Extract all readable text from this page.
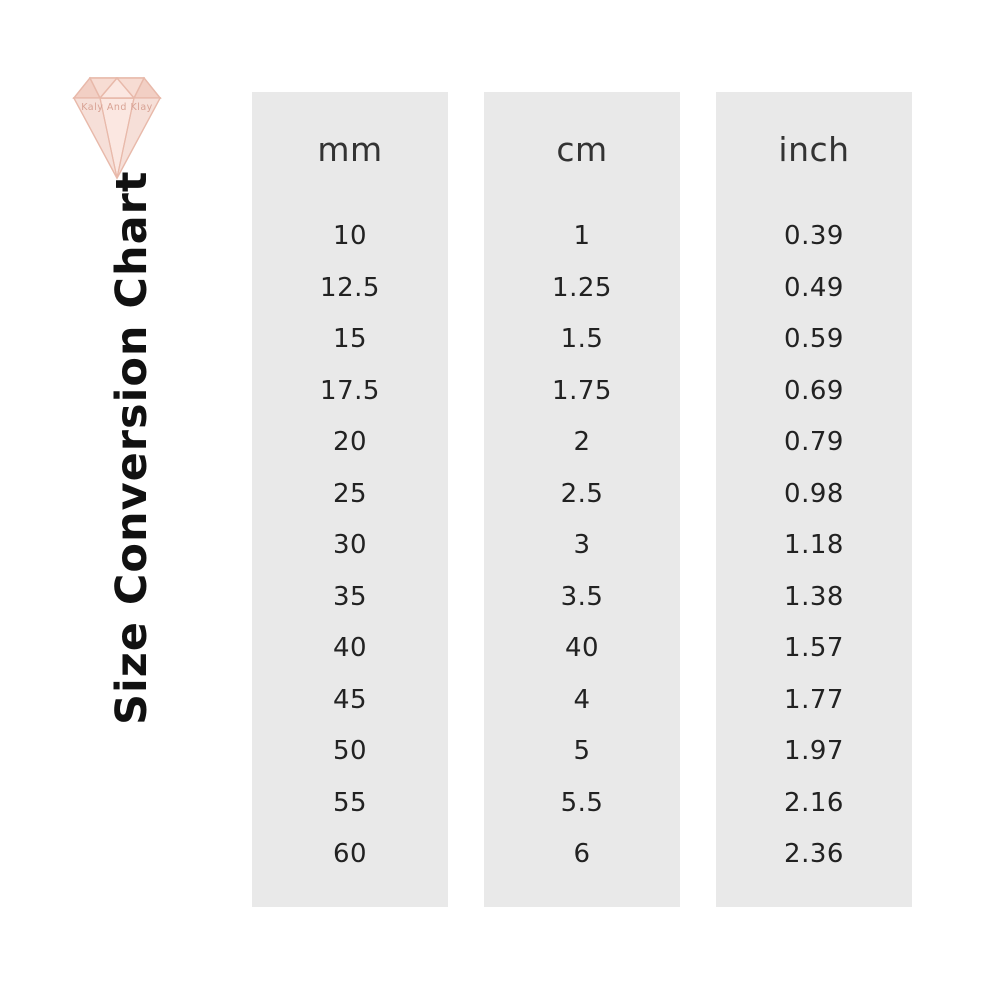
Kaly And Klay
Size Conversion Chart
mm
10
12.5
15
17.5
20
25
30
35
40
45
50
55
60
cm
1
1.25
1.5
1.75
2
2.5
3
3.5
40
4
5
5.5
6
inch
0.39
0.49
0.59
0.69
0.79
0.98
1.18
1.38
1.57
1.77
1.97
2.16
2.36
